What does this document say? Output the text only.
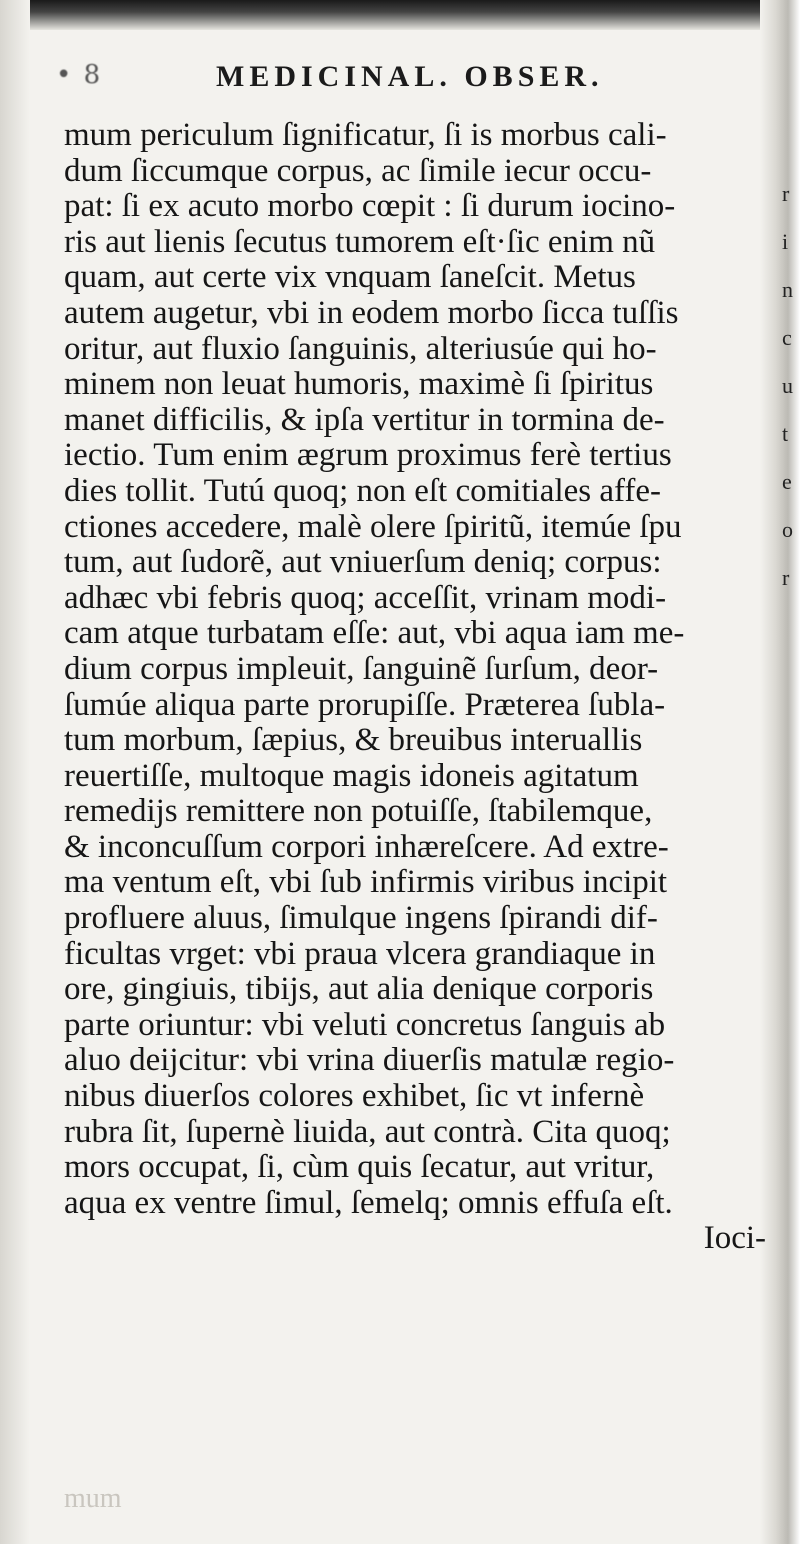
• 8	MEDICINAL. OBSER.
mum periculum ſignificatur, ſi is morbus cali-
dum ſiccumque corpus, ac ſimile iecur occu-
pat: ſi ex acuto morbo cœpit : ſi durum iocino-
ris aut lienis ſecutus tumorem eſt·ſic enim nũ
quam, aut certe vix vnquam ſaneſcit. Metus
autem augetur, vbi in eodem morbo ſicca tuſſis
oritur, aut fluxio ſanguinis, alteriusúe qui ho-
minem non leuat humoris, maximè ſi ſpiritus
manet difficilis, & ipſa vertitur in tormina de-
iectio. Tum enim ægrum proximus ferè tertius
dies tollit. Tutú quoq; non eſt comitiales affe-
ctiones accedere, malè olere ſpiritũ, itemúe ſpu
tum, aut ſudorẽ, aut vniuerſum deniq; corpus:
adhæc vbi febris quoq; acceſſit, vrinam modi-
cam atque turbatam eſſe: aut, vbi aqua iam me-
dium corpus impleuit, ſanguinẽ ſurſum, deor-
ſumúe aliqua parte prorupiſſe. Præterea ſubla-
tum morbum, ſæpius, & breuibus interuallis
reuertiſſe, multoque magis idoneis agitatum
remedijs remittere non potuiſſe, ſtabilemque,
& inconcuſſum corpori inhæreſcere. Ad extre-
ma ventum eſt, vbi ſub infirmis viribus incipit
profluere aluus, ſimulque ingens ſpirandi dif-
ficultas vrget: vbi praua vlcera grandiaque in
ore, gingiuis, tibijs, aut alia denique corporis
parte oriuntur: vbi veluti concretus ſanguis ab
aluo deijcitur: vbi vrina diuerſis matulæ regio-
nibus diuerſos colores exhibet, ſic vt infernè
rubra ſit, ſupernè liuida, aut contrà. Cita quoq;
mors occupat, ſi, cùm quis ſecatur, aut vritur,
aqua ex ventre ſimul, ſemelq; omnis effuſa eſt.
Ioci-
mum
r
i
n
c
u
t
e
o
r
